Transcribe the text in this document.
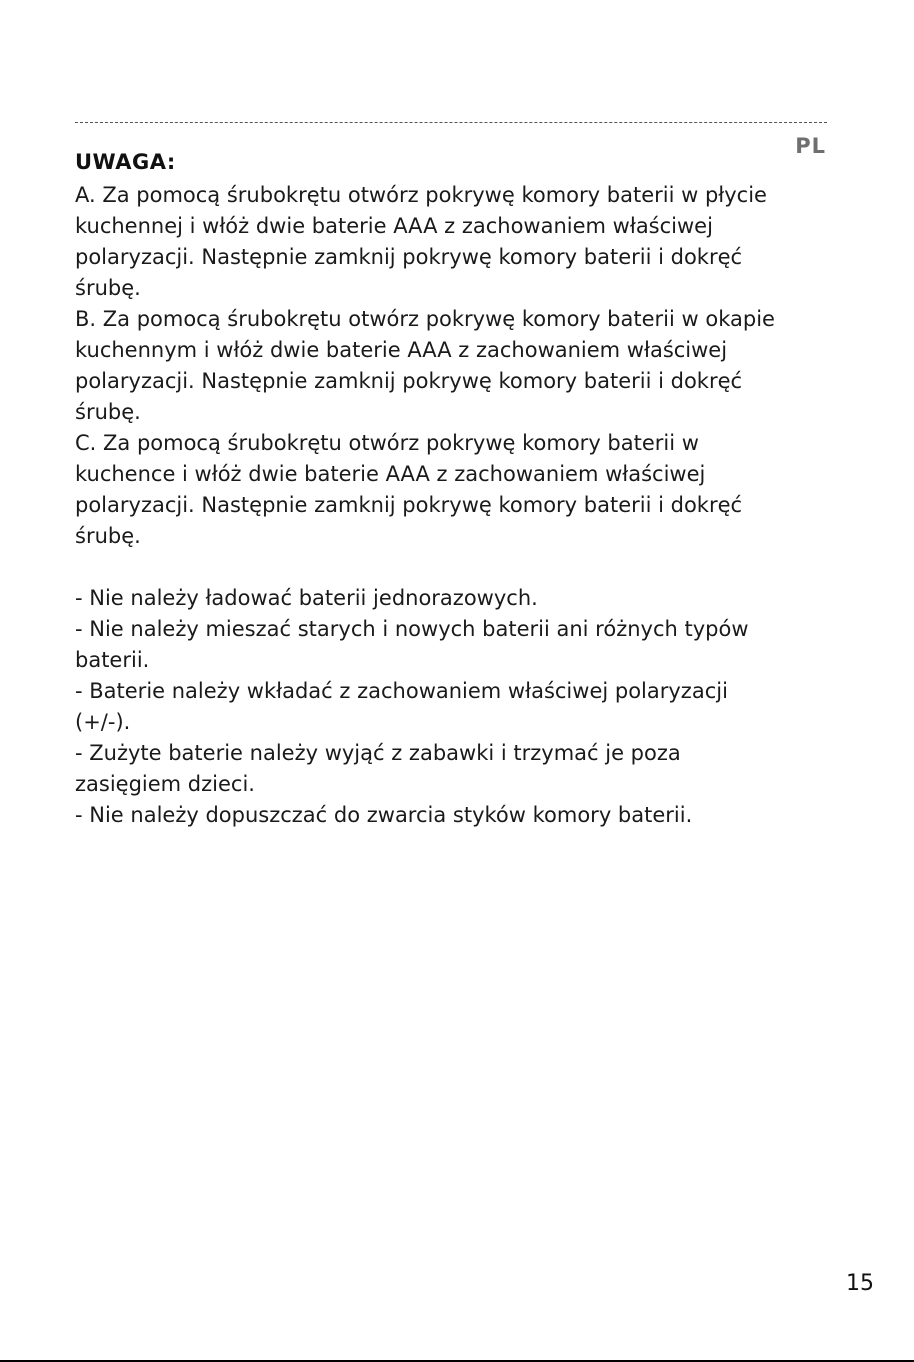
PL
UWAGA:
A. Za pomocą śrubokrętu otwórz pokrywę komory baterii w płycie
kuchennej i włóż dwie baterie AAA z zachowaniem właściwej
polaryzacji. Następnie zamknij pokrywę komory baterii i dokręć
śrubę.
B. Za pomocą śrubokrętu otwórz pokrywę komory baterii w okapie
kuchennym i włóż dwie baterie AAA z zachowaniem właściwej
polaryzacji. Następnie zamknij pokrywę komory baterii i dokręć
śrubę.
C. Za pomocą śrubokrętu otwórz pokrywę komory baterii w
kuchence i włóż dwie baterie AAA z zachowaniem właściwej
polaryzacji. Następnie zamknij pokrywę komory baterii i dokręć
śrubę.
- Nie należy ładować baterii jednorazowych.
- Nie należy mieszać starych i nowych baterii ani różnych typów
baterii.
- Baterie należy wkładać z zachowaniem właściwej polaryzacji
(+/-).
- Zużyte baterie należy wyjąć z zabawki i trzymać je poza
zasięgiem dzieci.
- Nie należy dopuszczać do zwarcia styków komory baterii.
15
